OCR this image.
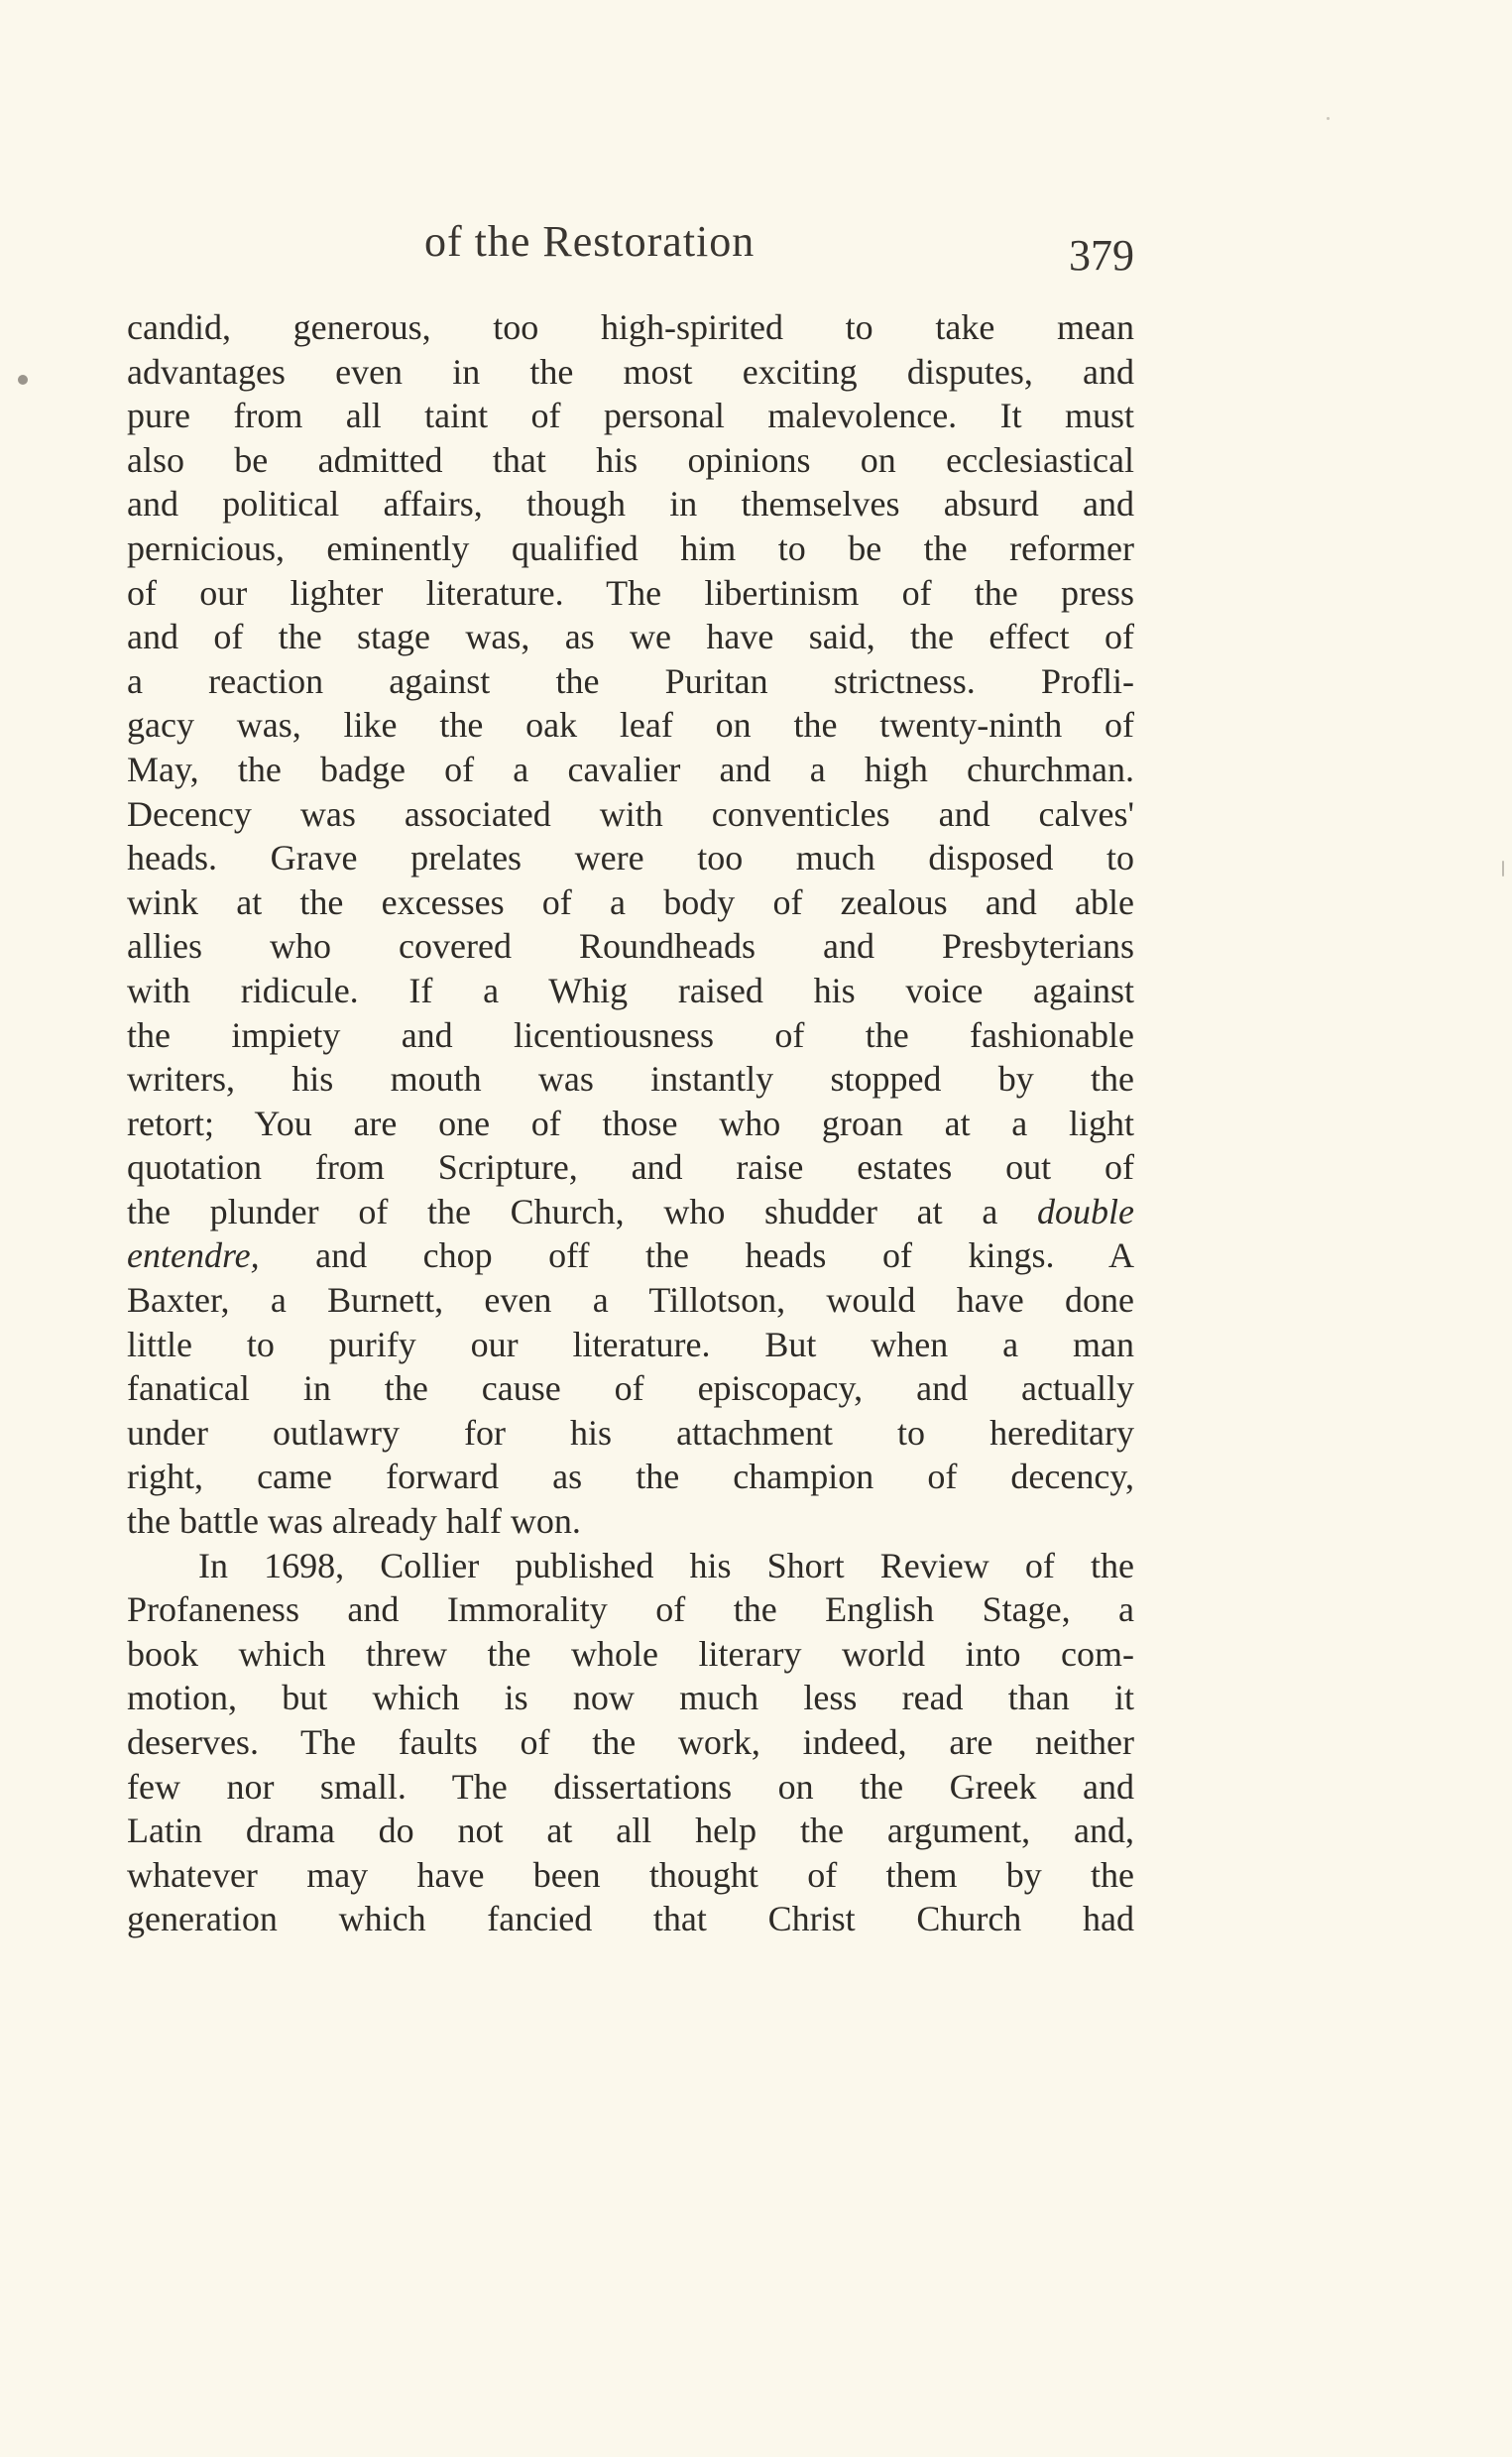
of the Restoration	379
candid, generous, too high-spirited to take mean
advantages even in the most exciting disputes, and
pure from all taint of personal malevolence. It must
also be admitted that his opinions on ecclesiastical
and political affairs, though in themselves absurd and
pernicious, eminently qualified him to be the reformer
of our lighter literature. The libertinism of the press
and of the stage was, as we have said, the effect of
a reaction against the Puritan strictness. Profli-
gacy was, like the oak leaf on the twenty-ninth of
May, the badge of a cavalier and a high churchman.
Decency was associated with conventicles and calves'
heads. Grave prelates were too much disposed to
wink at the excesses of a body of zealous and able
allies who covered Roundheads and Presbyterians
with ridicule. If a Whig raised his voice against
the impiety and licentiousness of the fashionable
writers, his mouth was instantly stopped by the
retort; You are one of those who groan at a light
quotation from Scripture, and raise estates out of
the plunder of the Church, who shudder at a double
entendre, and chop off the heads of kings. A
Baxter, a Burnett, even a Tillotson, would have done
little to purify our literature. But when a man
fanatical in the cause of episcopacy, and actually
under outlawry for his attachment to hereditary
right, came forward as the champion of decency,
the battle was already half won.
In 1698, Collier published his Short Review of the
Profaneness and Immorality of the English Stage, a
book which threw the whole literary world into com-
motion, but which is now much less read than it
deserves. The faults of the work, indeed, are neither
few nor small. The dissertations on the Greek and
Latin drama do not at all help the argument, and,
whatever may have been thought of them by the
generation which fancied that Christ Church had
